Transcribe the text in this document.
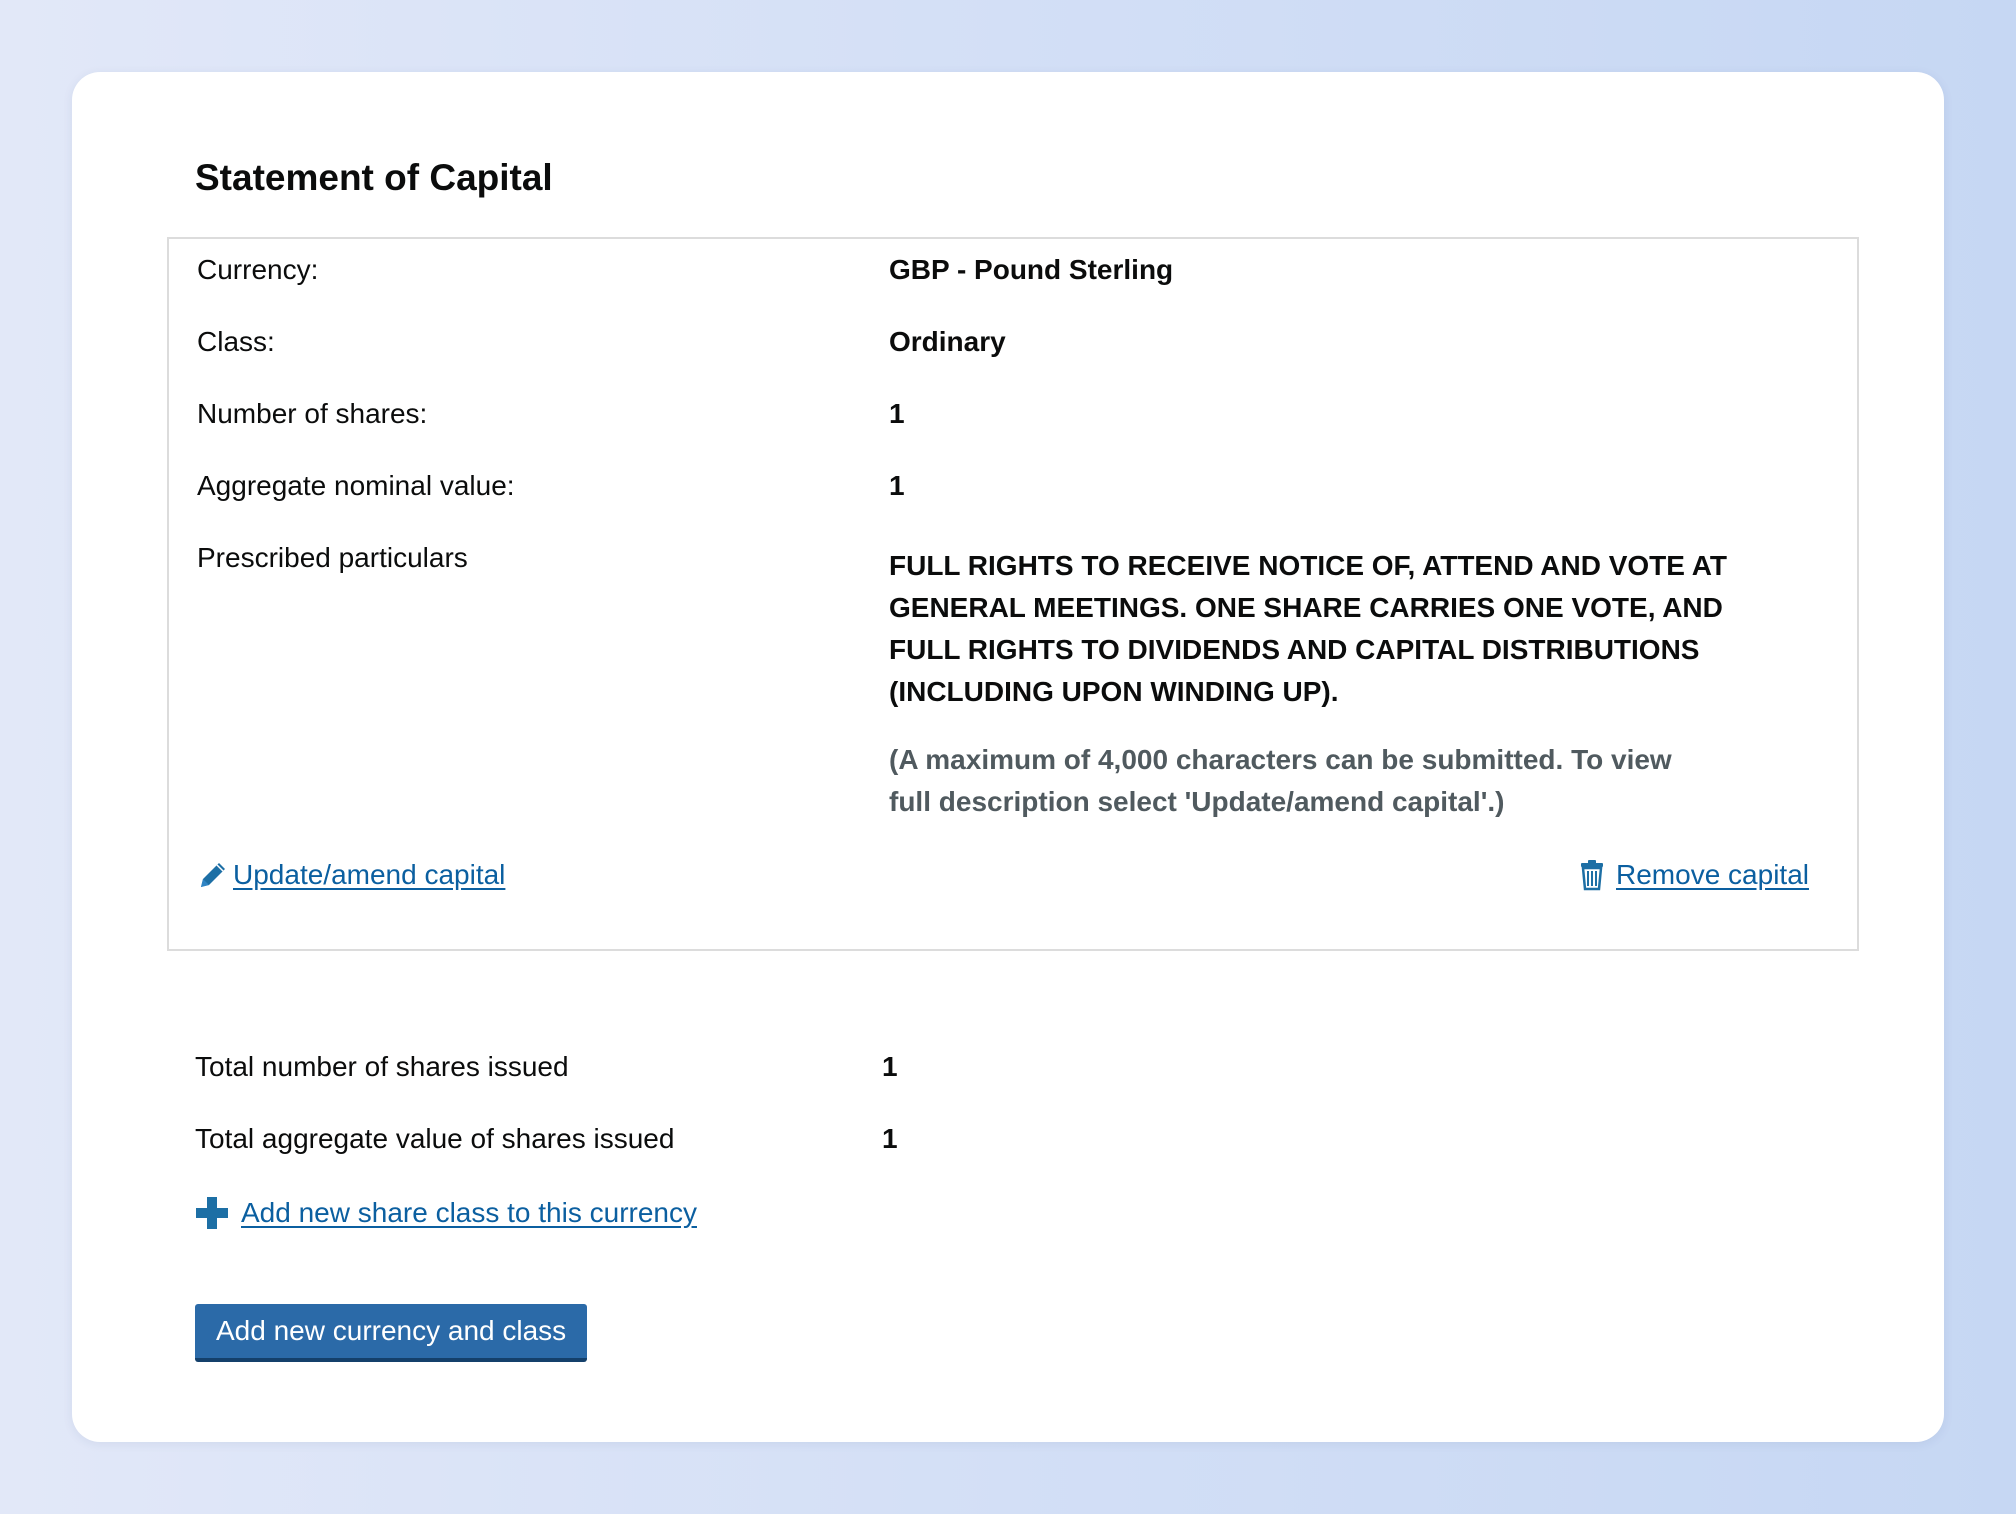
Statement of Capital
Currency:	GBP - Pound Sterling
Class:	Ordinary
Number of shares:	1
Aggregate nominal value:	1
Prescribed particulars	FULL RIGHTS TO RECEIVE NOTICE OF, ATTEND AND VOTE AT GENERAL MEETINGS. ONE SHARE CARRIES ONE VOTE, AND FULL RIGHTS TO DIVIDENDS AND CAPITAL DISTRIBUTIONS (INCLUDING UPON WINDING UP).
(A maximum of 4,000 characters can be submitted. To view full description select 'Update/amend capital'.)
Update/amend capital	Remove capital
Total number of shares issued	1
Total aggregate value of shares issued	1
Add new share class to this currency
Add new currency and class
